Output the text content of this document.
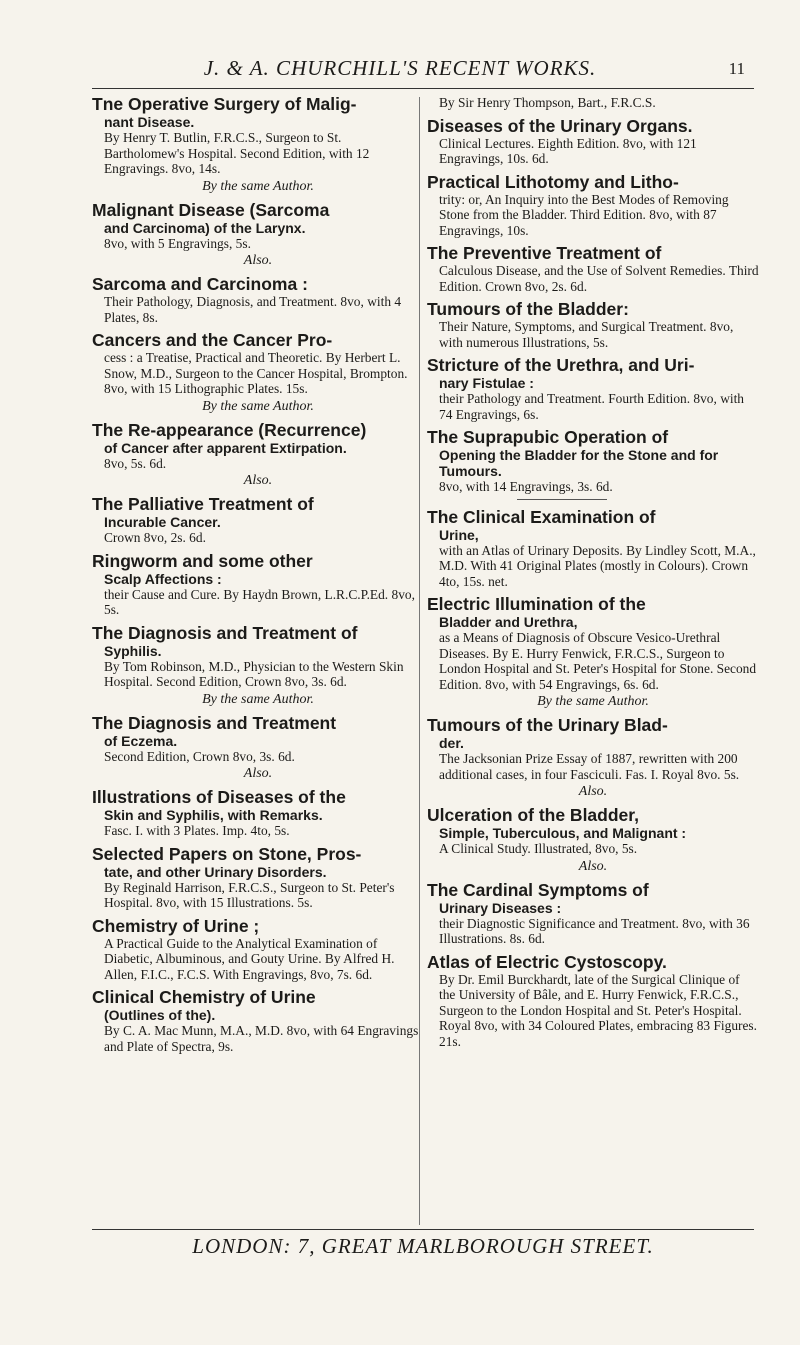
J. & A. CHURCHILL'S RECENT WORKS.	11
Tne Operative Surgery of Malig-
nant Disease.
By Henry T. Butlin, F.R.C.S., Surgeon to St. Bartholomew's Hospital. Second Edition, with 12 Engravings. 8vo, 14s.
By the same Author.
Malignant Disease (Sarcoma
and Carcinoma) of the Larynx.
8vo, with 5 Engravings, 5s.
Also.
Sarcoma and Carcinoma :
Their Pathology, Diagnosis, and Treatment. 8vo, with 4 Plates, 8s.
Cancers and the Cancer Pro-
cess : a Treatise, Practical and Theoretic. By Herbert L. Snow, M.D., Surgeon to the Cancer Hospital, Brompton. 8vo, with 15 Lithographic Plates. 15s.
By the same Author.
The Re-appearance (Recurrence)
of Cancer after apparent Extirpation.
8vo, 5s. 6d.
Also.
The Palliative Treatment of
Incurable Cancer.
Crown 8vo, 2s. 6d.
Ringworm and some other
Scalp Affections :
their Cause and Cure. By Haydn Brown, L.R.C.P.Ed. 8vo, 5s.
The Diagnosis and Treatment of
Syphilis.
By Tom Robinson, M.D., Physician to the Western Skin Hospital. Second Edition, Crown 8vo, 3s. 6d.
By the same Author.
The Diagnosis and Treatment
of Eczema.
Second Edition, Crown 8vo, 3s. 6d.
Also.
Illustrations of Diseases of the
Skin and Syphilis, with Remarks.
Fasc. I. with 3 Plates. Imp. 4to, 5s.
Selected Papers on Stone, Pros-
tate, and other Urinary Disorders.
By Reginald Harrison, F.R.C.S., Surgeon to St. Peter's Hospital. 8vo, with 15 Illustrations. 5s.
Chemistry of Urine ;
A Practical Guide to the Analytical Examination of Diabetic, Albuminous, and Gouty Urine. By Alfred H. Allen, F.I.C., F.C.S. With Engravings, 8vo, 7s. 6d.
Clinical Chemistry of Urine
(Outlines of the).
By C. A. Mac Munn, M.A., M.D. 8vo, with 64 Engravings and Plate of Spectra, 9s.
By Sir Henry Thompson, Bart., F.R.C.S.
Diseases of the Urinary Organs.
Clinical Lectures. Eighth Edition. 8vo, with 121 Engravings, 10s. 6d.
Practical Lithotomy and Litho-
trity: or, An Inquiry into the Best Modes of Removing Stone from the Bladder. Third Edition. 8vo, with 87 Engravings, 10s.
The Preventive Treatment of
Calculous Disease, and the Use of Solvent Remedies. Third Edition. Crown 8vo, 2s. 6d.
Tumours of the Bladder:
Their Nature, Symptoms, and Surgical Treatment. 8vo, with numerous Illustrations, 5s.
Stricture of the Urethra, and Uri-
nary Fistulae :
their Pathology and Treatment. Fourth Edition. 8vo, with 74 Engravings, 6s.
The Suprapubic Operation of
Opening the Bladder for the Stone and for Tumours.
8vo, with 14 Engravings, 3s. 6d.
The Clinical Examination of
Urine,
with an Atlas of Urinary Deposits. By Lindley Scott, M.A., M.D. With 41 Original Plates (mostly in Colours). Crown 4to, 15s. net.
Electric Illumination of the
Bladder and Urethra,
as a Means of Diagnosis of Obscure Vesico-Urethral Diseases. By E. Hurry Fenwick, F.R.C.S., Surgeon to London Hospital and St. Peter's Hospital for Stone. Second Edition. 8vo, with 54 Engravings, 6s. 6d.
By the same Author.
Tumours of the Urinary Blad-
der.
The Jacksonian Prize Essay of 1887, rewritten with 200 additional cases, in four Fasciculi. Fas. I. Royal 8vo. 5s.
Also.
Ulceration of the Bladder,
Simple, Tuberculous, and Malignant :
A Clinical Study. Illustrated, 8vo, 5s.
Also.
The Cardinal Symptoms of
Urinary Diseases :
their Diagnostic Significance and Treatment. 8vo, with 36 Illustrations. 8s. 6d.
Atlas of Electric Cystoscopy.
By Dr. Emil Burckhardt, late of the Surgical Clinique of the University of Bâle, and E. Hurry Fenwick, F.R.C.S., Surgeon to the London Hospital and St. Peter's Hospital. Royal 8vo, with 34 Coloured Plates, embracing 83 Figures. 21s.
LONDON: 7, GREAT MARLBOROUGH STREET.
